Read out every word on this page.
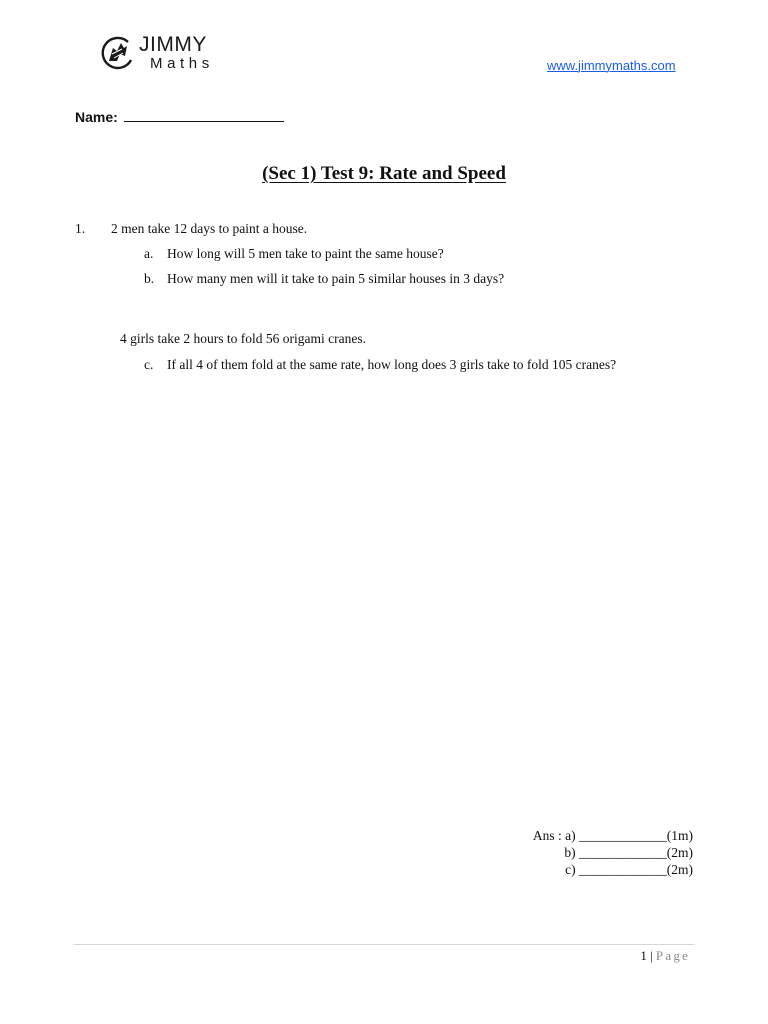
JIMMY
Maths	www.jimmymaths.com
Name:
(Sec 1) Test 9: Rate and Speed
1. 2 men take 12 days to paint a house.
a. How long will 5 men take to paint the same house?
b. How many men will it take to pain 5 similar houses in 3 days?
4 girls take 2 hours to fold 56 origami cranes.
c. If all 4 of them fold at the same rate, how long does 3 girls take to fold 105 cranes?
Ans : a) _____________(1m)
b) _____________(2m)
c) _____________(2m)
1 | Page
